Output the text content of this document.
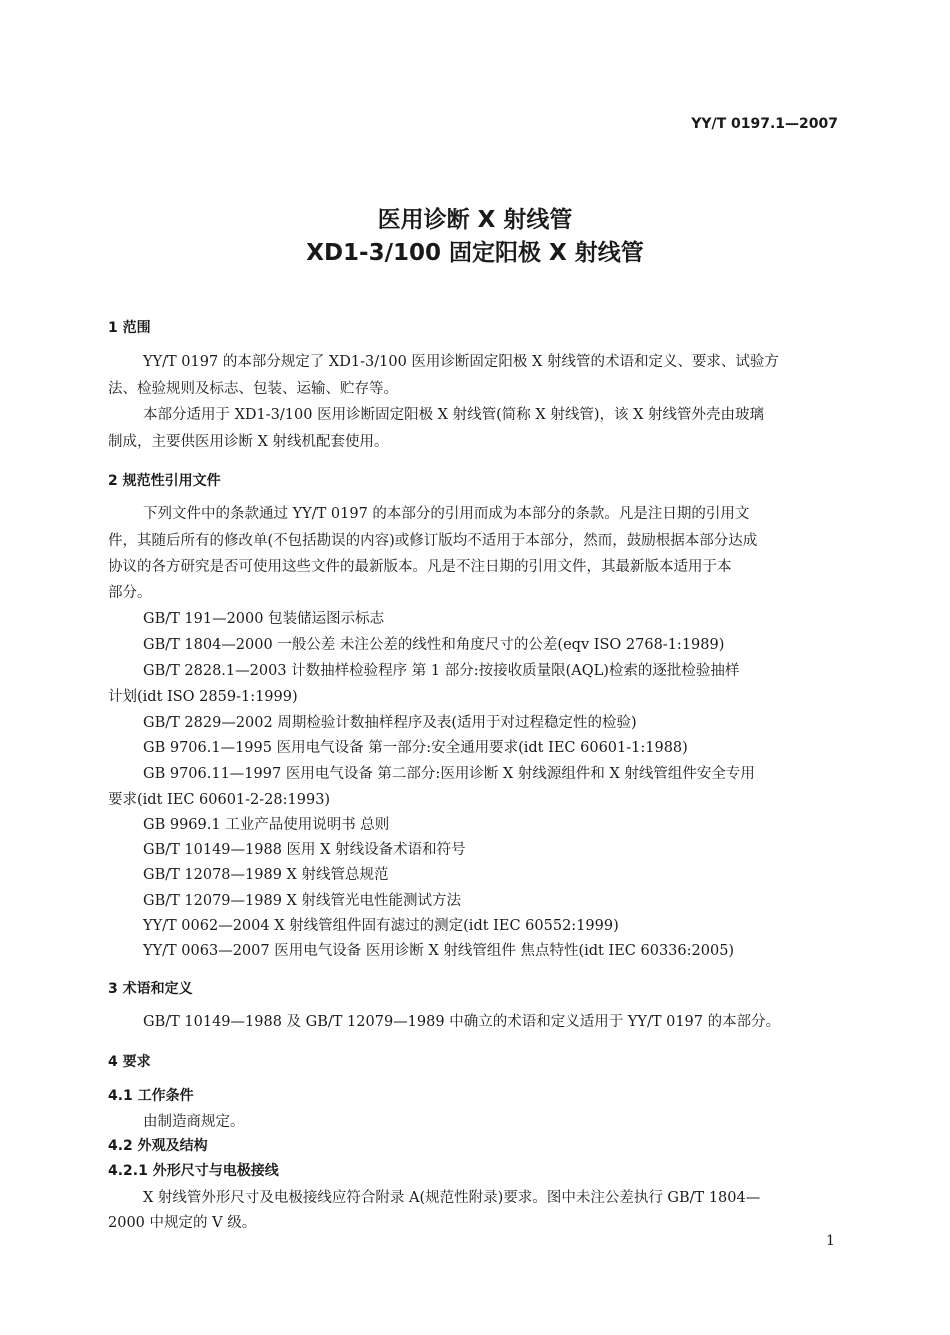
YY/T 0197.1—2007
医用诊断 X 射线管
XD1-3/100 固定阳极 X 射线管
1 范围
YY/T 0197 的本部分规定了 XD1-3/100 医用诊断固定阳极 X 射线管的术语和定义、要求、试验方
法、检验规则及标志、包装、运输、贮存等。
本部分适用于 XD1-3/100 医用诊断固定阳极 X 射线管(简称 X 射线管)，该 X 射线管外壳由玻璃
制成，主要供医用诊断 X 射线机配套使用。
2 规范性引用文件
下列文件中的条款通过 YY/T 0197 的本部分的引用而成为本部分的条款。凡是注日期的引用文
件，其随后所有的修改单(不包括勘误的内容)或修订版均不适用于本部分，然而，鼓励根据本部分达成
协议的各方研究是否可使用这些文件的最新版本。凡是不注日期的引用文件，其最新版本适用于本
部分。
GB/T 191—2000 包装储运图示标志
GB/T 1804—2000 一般公差 未注公差的线性和角度尺寸的公差(eqv ISO 2768-1:1989)
GB/T 2828.1—2003 计数抽样检验程序 第 1 部分:按接收质量限(AQL)检索的逐批检验抽样
计划(idt ISO 2859-1:1999)
GB/T 2829—2002 周期检验计数抽样程序及表(适用于对过程稳定性的检验)
GB 9706.1—1995 医用电气设备 第一部分:安全通用要求(idt IEC 60601-1:1988)
GB 9706.11—1997 医用电气设备 第二部分:医用诊断 X 射线源组件和 X 射线管组件安全专用
要求(idt IEC 60601-2-28:1993)
GB 9969.1 工业产品使用说明书 总则
GB/T 10149—1988 医用 X 射线设备术语和符号
GB/T 12078—1989 X 射线管总规范
GB/T 12079—1989 X 射线管光电性能测试方法
YY/T 0062—2004 X 射线管组件固有滤过的测定(idt IEC 60552:1999)
YY/T 0063—2007 医用电气设备 医用诊断 X 射线管组件 焦点特性(idt IEC 60336:2005)
3 术语和定义
GB/T 10149—1988 及 GB/T 12079—1989 中确立的术语和定义适用于 YY/T 0197 的本部分。
4 要求
4.1 工作条件
由制造商规定。
4.2 外观及结构
4.2.1 外形尺寸与电极接线
X 射线管外形尺寸及电极接线应符合附录 A(规范性附录)要求。图中未注公差执行 GB/T 1804—
2000 中规定的 V 级。
1
